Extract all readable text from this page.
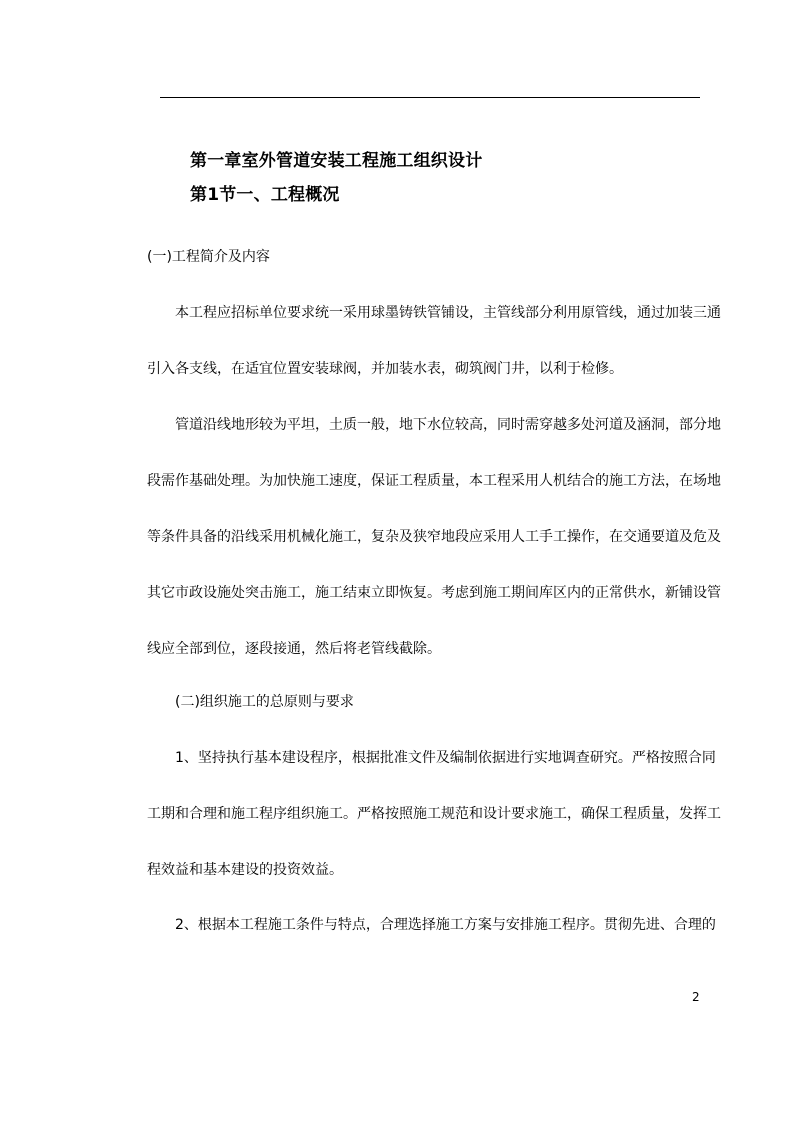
第一章室外管道安装工程施工组织设计
第1节一、工程概况
(一)工程简介及内容
本工程应招标单位要求统一采用球墨铸铁管铺设，主管线部分利用原管线，通过加装三通
引入各支线，在适宜位置安装球阀，并加装水表，砌筑阀门井，以利于检修。
管道沿线地形较为平坦，土质一般，地下水位较高，同时需穿越多处河道及涵洞，部分地
段需作基础处理。为加快施工速度，保证工程质量，本工程采用人机结合的施工方法，在场地
等条件具备的沿线采用机械化施工，复杂及狭窄地段应采用人工手工操作，在交通要道及危及
其它市政设施处突击施工，施工结束立即恢复。考虑到施工期间库区内的正常供水，新铺设管
线应全部到位，逐段接通，然后将老管线截除。
(二)组织施工的总原则与要求
1、坚持执行基本建设程序，根据批准文件及编制依据进行实地调查研究。严格按照合同
工期和合理和施工程序组织施工。严格按照施工规范和设计要求施工，确保工程质量，发挥工
程效益和基本建设的投资效益。
2、根据本工程施工条件与特点，合理选择施工方案与安排施工程序。贯彻先进、合理的
2
